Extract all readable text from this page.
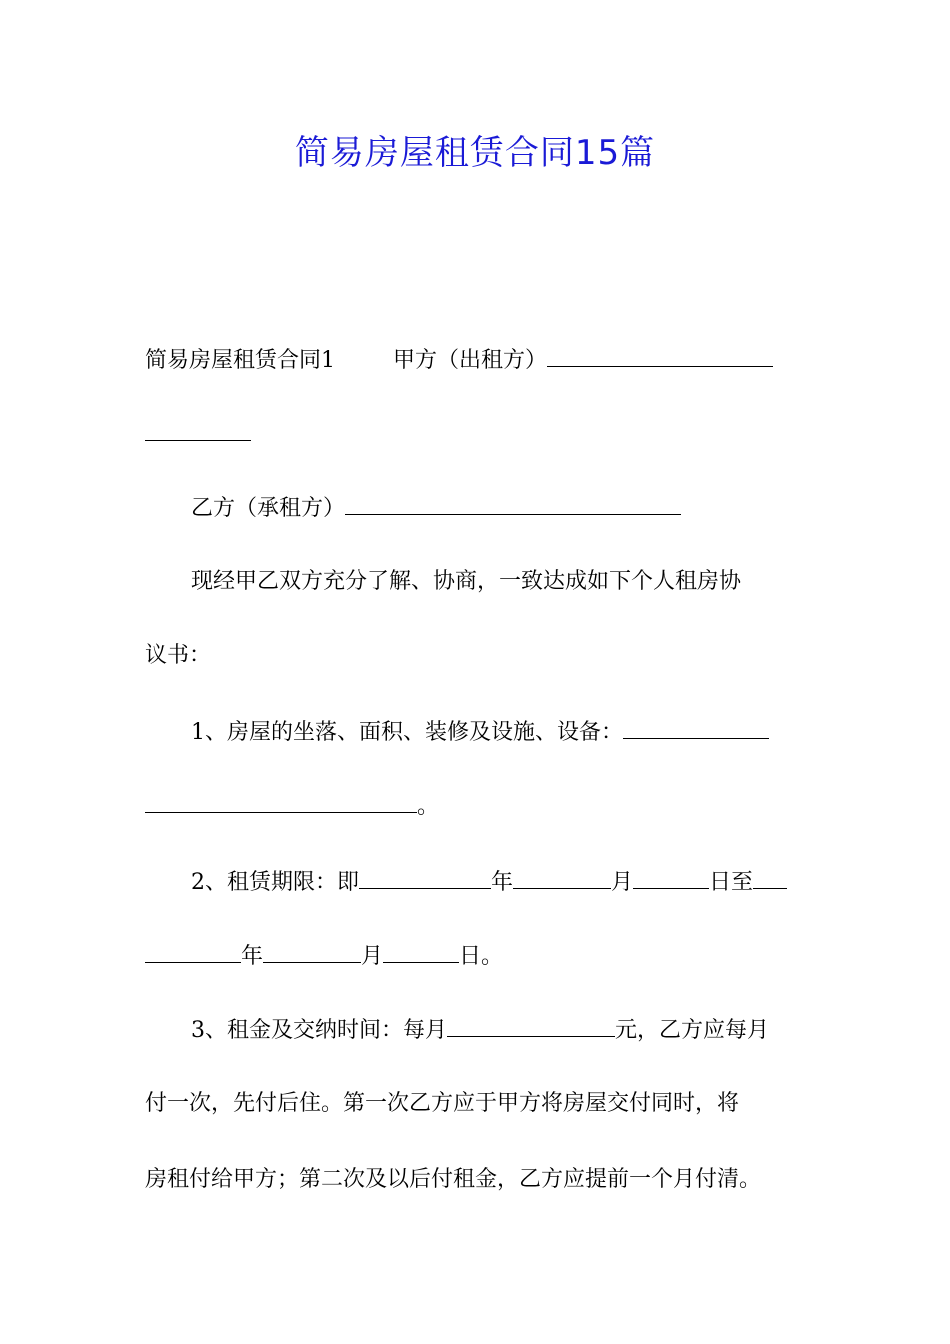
简易房屋租赁合同15篇
简易房屋租赁合同1	甲方（出租方）
乙方（承租方）
现经甲乙双方充分了解、协商，一致达成如下个人租房协
议书：
1、房屋的坐落、面积、装修及设施、设备：
。
2、租赁期限：即	年	月	日至
年	月	日。
3、租金及交纳时间：每月	元，乙方应每月
付一次，先付后住。第一次乙方应于甲方将房屋交付同时，将
房租付给甲方；第二次及以后付租金，乙方应提前一个月付清。
